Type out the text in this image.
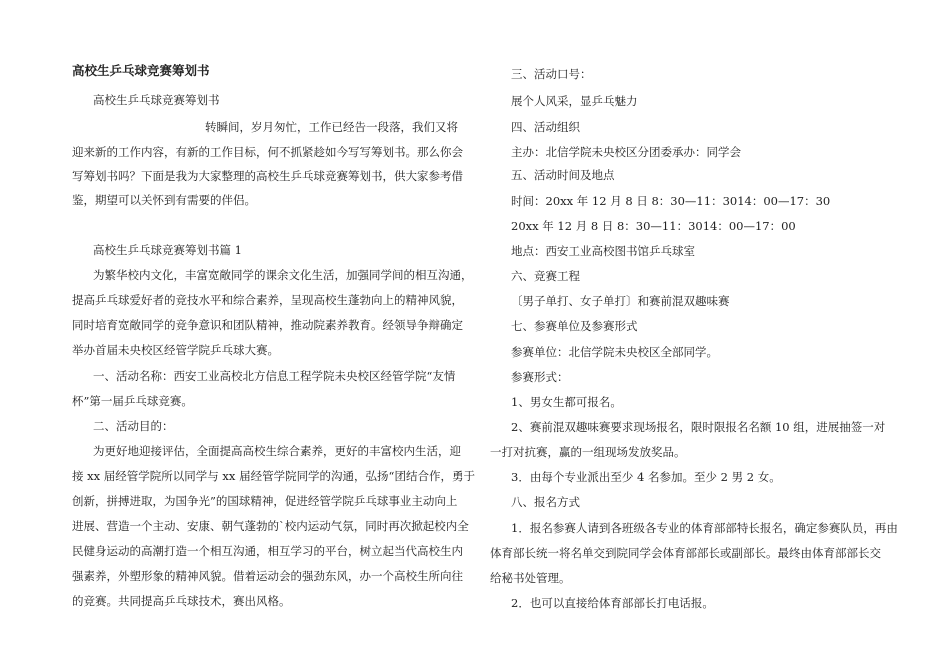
高校生乒乓球竞赛筹划书
高校生乒乓球竞赛筹划书
转瞬间，岁月匆忙，工作已经告一段落，我们又将
迎来新的工作内容，有新的工作目标，何不抓紧趁如今写写筹划书。那么你会
写筹划书吗？下面是我为大家整理的高校生乒乓球竞赛筹划书，供大家参考借
鉴，期望可以关怀到有需要的伴侣。
高校生乒乓球竞赛筹划书篇 1
为繁华校内文化，丰富宽敞同学的课余文化生活，加强同学间的相互沟通，
提高乒乓球爱好者的竞技水平和综合素养，呈现高校生蓬勃向上的精神风貌，
同时培育宽敞同学的竞争意识和团队精神，推动院素养教育。经领导争辩确定
举办首届未央校区经管学院乒乓球大赛。
一、活动名称：西安工业高校北方信息工程学院未央校区经管学院“友情
杯”第一届乒乓球竞赛。
二、活动目的：
为更好地迎接评估，全面提高高校生综合素养，更好的丰富校内生活，迎
接 xx 届经管学院所以同学与 xx 届经管学院同学的沟通，弘扬“团结合作，勇于
创新，拼搏进取，为国争光”的国球精神，促进经管学院乒乓球事业主动向上
进展、营造一个主动、安康、朝气蓬勃的`校内运动气氛，同时再次掀起校内全
民健身运动的高潮打造一个相互沟通，相互学习的平台，树立起当代高校生内
强素养，外塑形象的精神风貌。借着运动会的强劲东风，办一个高校生所向往
的竞赛。共同提高乒乓球技术，赛出风格。
三、活动口号：
展个人风采，显乒乓魅力
四、活动组织
主办：北信学院未央校区分团委承办：同学会
五、活动时间及地点
时间：20xx 年 12 月 8 日 8：30—11：3014：00—17：30
20xx 年 12 月 8 日 8：30—11：3014：00—17：00
地点：西安工业高校图书馆乒乓球室
六、竞赛工程
〔男子单打、女子单打〕和赛前混双趣味赛
七、参赛单位及参赛形式
参赛单位：北信学院未央校区全部同学。
参赛形式：
1、男女生都可报名。
2、赛前混双趣味赛要求现场报名，限时限报名名额 10 组，进展抽签一对
一打对抗赛，赢的一组现场发放奖品。
3．由每个专业派出至少 4 名参加。至少 2 男 2 女。
八、报名方式
1．报名参赛人请到各班级各专业的体育部部特长报名，确定参赛队员，再由
体育部长统一将名单交到院同学会体育部部长或副部长。最终由体育部部长交
给秘书处管理。
2．也可以直接给体育部部长打电话报。
